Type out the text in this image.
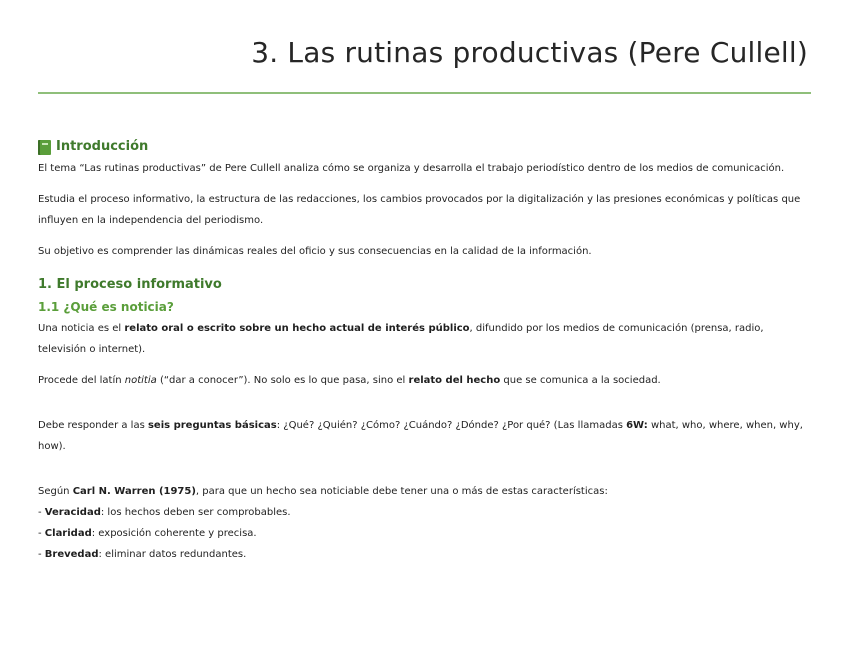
3. Las rutinas productivas (Pere Cullell)
Introducción

El tema “Las rutinas productivas” de Pere Cullell analiza cómo se organiza y desarrolla el trabajo periodístico dentro de los medios de comunicación.

Estudia el proceso informativo, la estructura de las redacciones, los cambios provocados por la digitalización y las presiones económicas y políticas que influyen en la independencia del periodismo.

Su objetivo es comprender las dinámicas reales del oficio y sus consecuencias en la calidad de la información.

1. El proceso informativo
1.1 ¿Qué es noticia?

Una noticia es el relato oral o escrito sobre un hecho actual de interés público, difundido por los medios de comunicación (prensa, radio, televisión o internet).

Procede del latín notitia (“dar a conocer”). No solo es lo que pasa, sino el relato del hecho que se comunica a la sociedad.

Debe responder a las seis preguntas básicas: ¿Qué? ¿Quién? ¿Cómo? ¿Cuándo? ¿Dónde? ¿Por qué? (Las llamadas 6W: what, who, where, when, why, how).

Según Carl N. Warren (1975), para que un hecho sea noticiable debe tener una o más de estas características:

- Veracidad: los hechos deben ser comprobables.

- Claridad: exposición coherente y precisa.

- Brevedad: eliminar datos redundantes.
